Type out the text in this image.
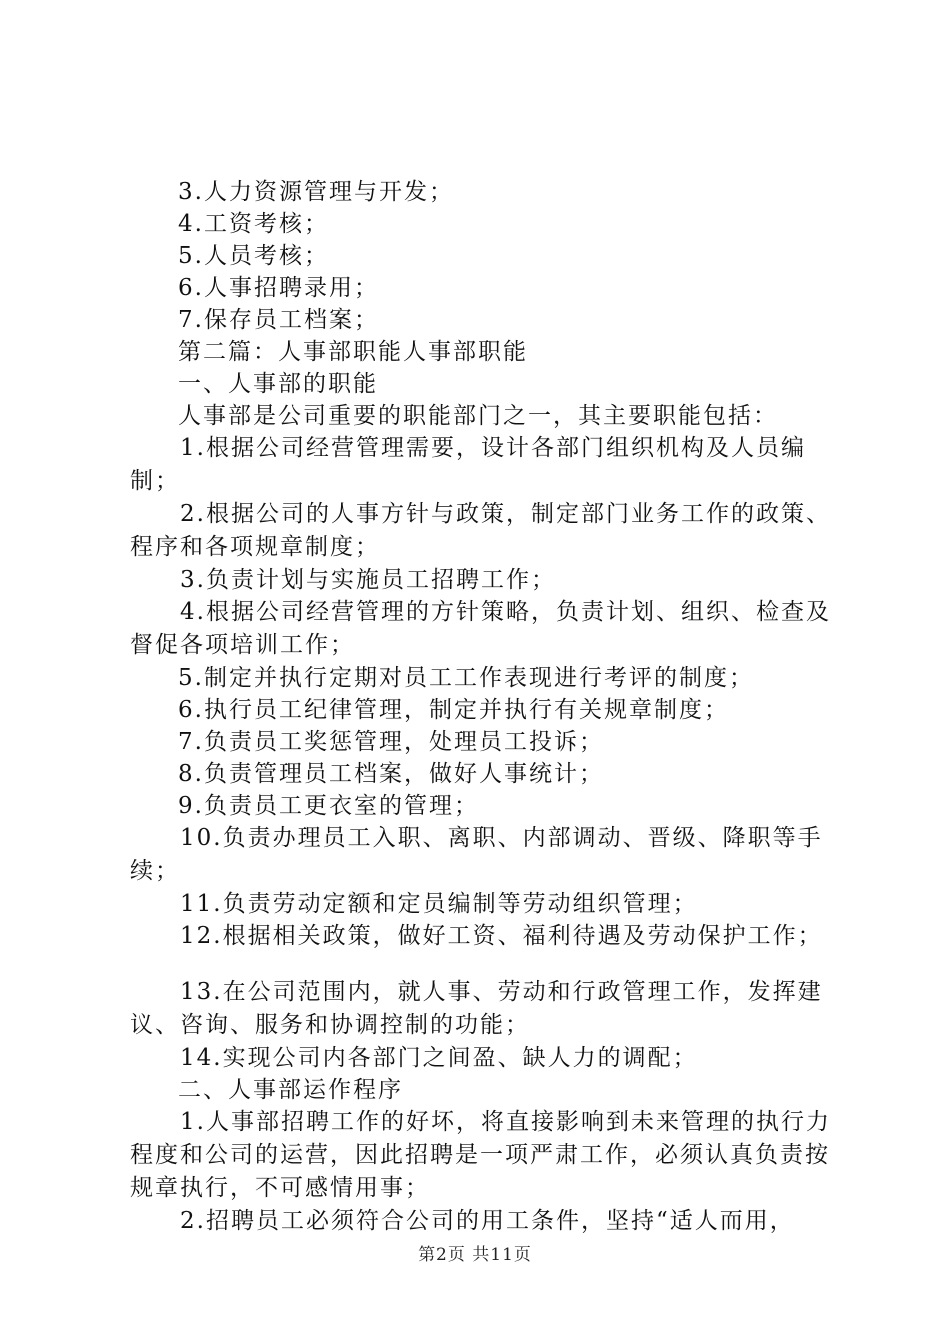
3.人力资源管理与开发；

4.工资考核；

5.人员考核；

6.人事招聘录用；

7.保存员工档案；

第二篇：人事部职能人事部职能

一、人事部的职能

人事部是公司重要的职能部门之一，其主要职能包括：

1.根据公司经营管理需要，设计各部门组织机构及人员编制；

2.根据公司的人事方针与政策，制定部门业务工作的政策、程序和各项规章制度；

3.负责计划与实施员工招聘工作；

4.根据公司经营管理的方针策略，负责计划、组织、检查及督促各项培训工作；

5.制定并执行定期对员工工作表现进行考评的制度；

6.执行员工纪律管理，制定并执行有关规章制度；

7.负责员工奖惩管理，处理员工投诉；

8.负责管理员工档案，做好人事统计；

9.负责员工更衣室的管理；

10.负责办理员工入职、离职、内部调动、晋级、降职等手续；

11.负责劳动定额和定员编制等劳动组织管理；

12.根据相关政策，做好工资、福利待遇及劳动保护工作；

13.在公司范围内，就人事、劳动和行政管理工作，发挥建议、咨询、服务和协调控制的功能；

14.实现公司内各部门之间盈、缺人力的调配；

二、人事部运作程序

1.人事部招聘工作的好坏，将直接影响到未来管理的执行力程度和公司的运营，因此招聘是一项严肃工作，必须认真负责按规章执行，不可感情用事；

2.招聘员工必须符合公司的用工条件，坚持“适人而用，

第2页 共11页
